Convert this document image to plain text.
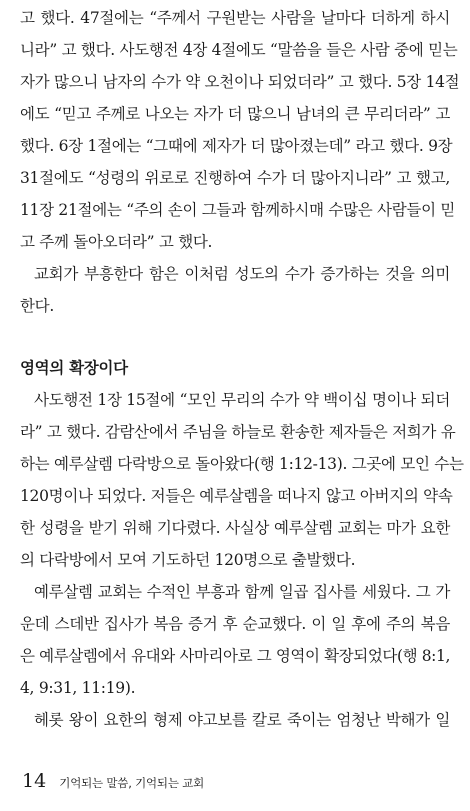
고 했다. 47절에는 “주께서 구원받는 사람을 날마다 더하게 하시
니라” 고 했다. 사도행전 4장 4절에도 “말씀을 들은 사람 중에 믿는
자가 많으니 남자의 수가 약 오천이나 되었더라” 고 했다. 5장 14절
에도 “믿고 주께로 나오는 자가 더 많으니 남녀의 큰 무리더라” 고
했다. 6장 1절에는 “그때에 제자가 더 많아졌는데” 라고 했다. 9장
31절에도 “성령의 위로로 진행하여 수가 더 많아지니라” 고 했고,
11장 21절에는 “주의 손이 그들과 함께하시매 수많은 사람들이 믿
고 주께 돌아오더라” 고 했다.
교회가 부흥한다 함은 이처럼 성도의 수가 증가하는 것을 의미
한다.
영역의 확장이다
사도행전 1장 15절에 “모인 무리의 수가 약 백이십 명이나 되더
라” 고 했다. 감람산에서 주님을 하늘로 환송한 제자들은 저희가 유
하는 예루살렘 다락방으로 돌아왔다(행 1:12-13). 그곳에 모인 수는
120명이나 되었다. 저들은 예루살렘을 떠나지 않고 아버지의 약속
한 성령을 받기 위해 기다렸다. 사실상 예루살렘 교회는 마가 요한
의 다락방에서 모여 기도하던 120명으로 출발했다.
예루살렘 교회는 수적인 부흥과 함께 일곱 집사를 세웠다. 그 가
운데 스데반 집사가 복음 증거 후 순교했다. 이 일 후에 주의 복음
은 예루살렘에서 유대와 사마리아로 그 영역이 확장되었다(행 8:1,
4, 9:31, 11:19).
헤롯 왕이 요한의 형제 야고보를 칼로 죽이는 엄청난 박해가 일
14 기억되는 말씀, 기억되는 교회
